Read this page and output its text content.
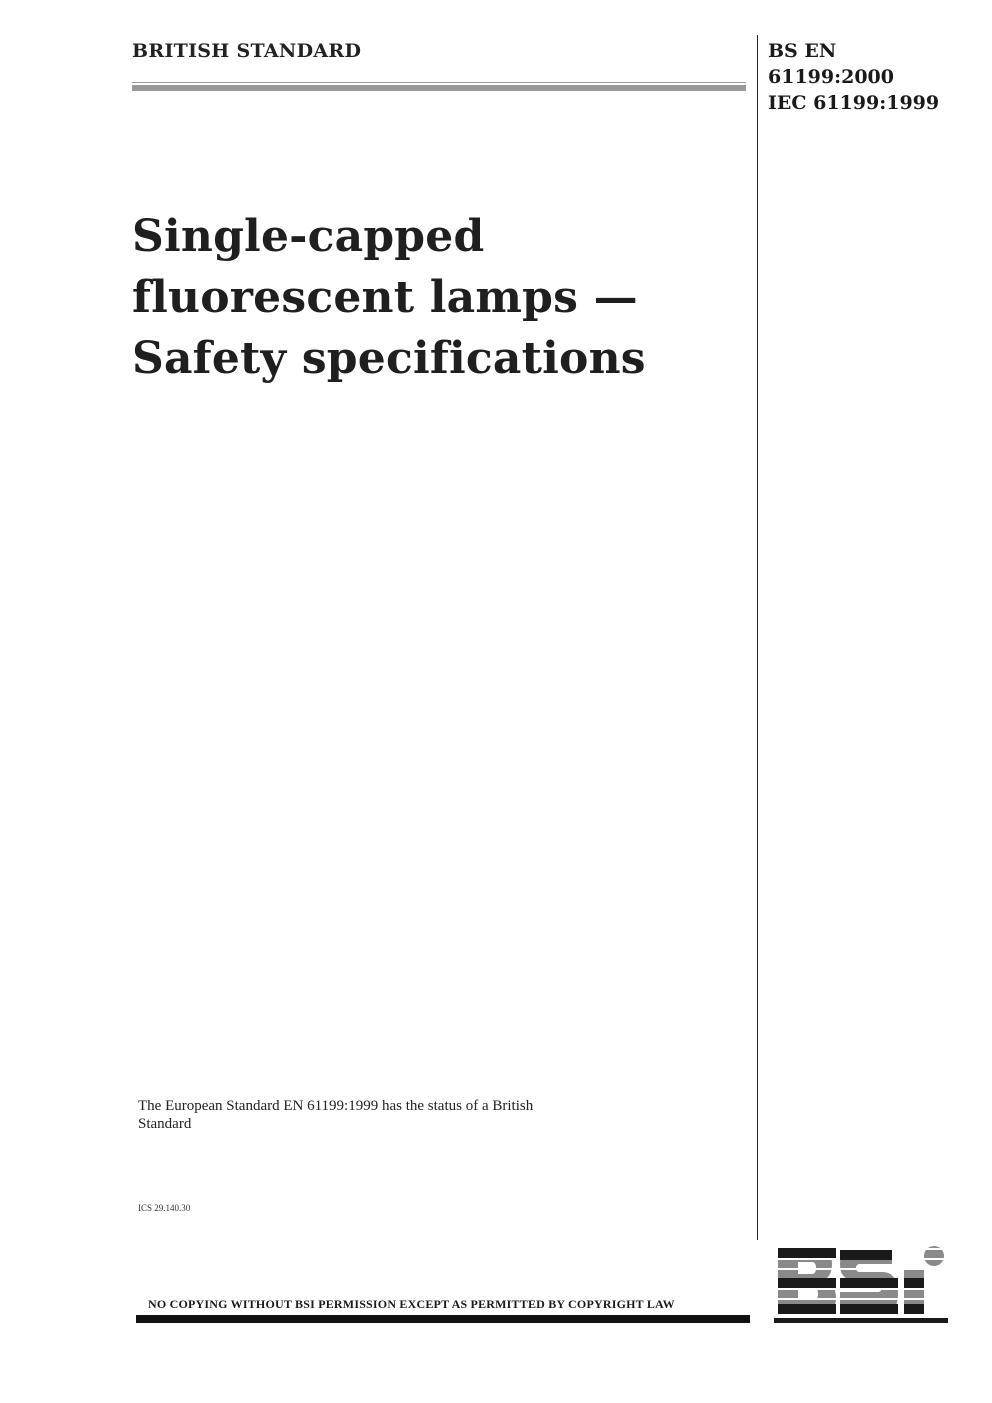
BRITISH STANDARD	BS EN
61199:2000
IEC 61199:1999
Single-capped
fluorescent lamps —
Safety specifications
The European Standard EN 61199:1999 has the status of a British Standard
ICS 29.140.30
NO COPYING WITHOUT BSI PERMISSION EXCEPT AS PERMITTED BY COPYRIGHT LAW
